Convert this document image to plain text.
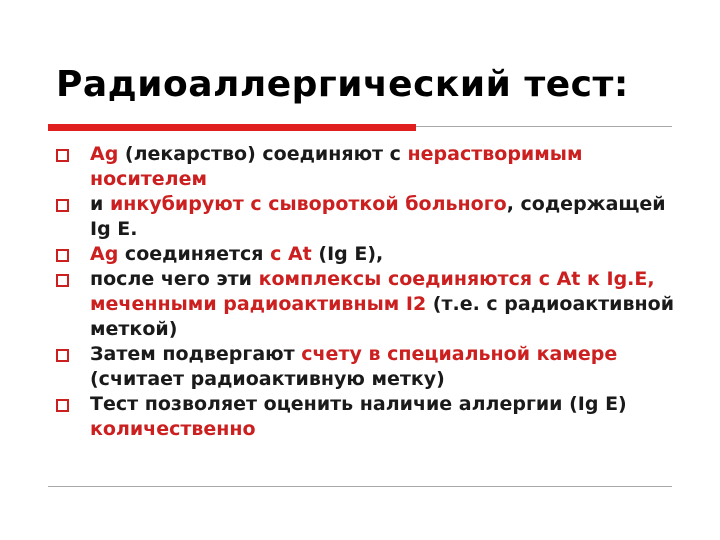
Радиоаллергический тест:
Ag (лекарство) соединяют с нерастворимым носителем
и инкубируют с сывороткой больного, содержащей Ig E.
Ag соединяется с At (Ig E),
после чего эти комплексы соединяются с At к Ig.E, меченными радиоактивным I2 (т.е. с радиоактивной меткой)
Затем подвергают счету в специальной камере (считает радиоактивную метку)
Тест позволяет оценить наличие аллергии (Ig E) количественно
